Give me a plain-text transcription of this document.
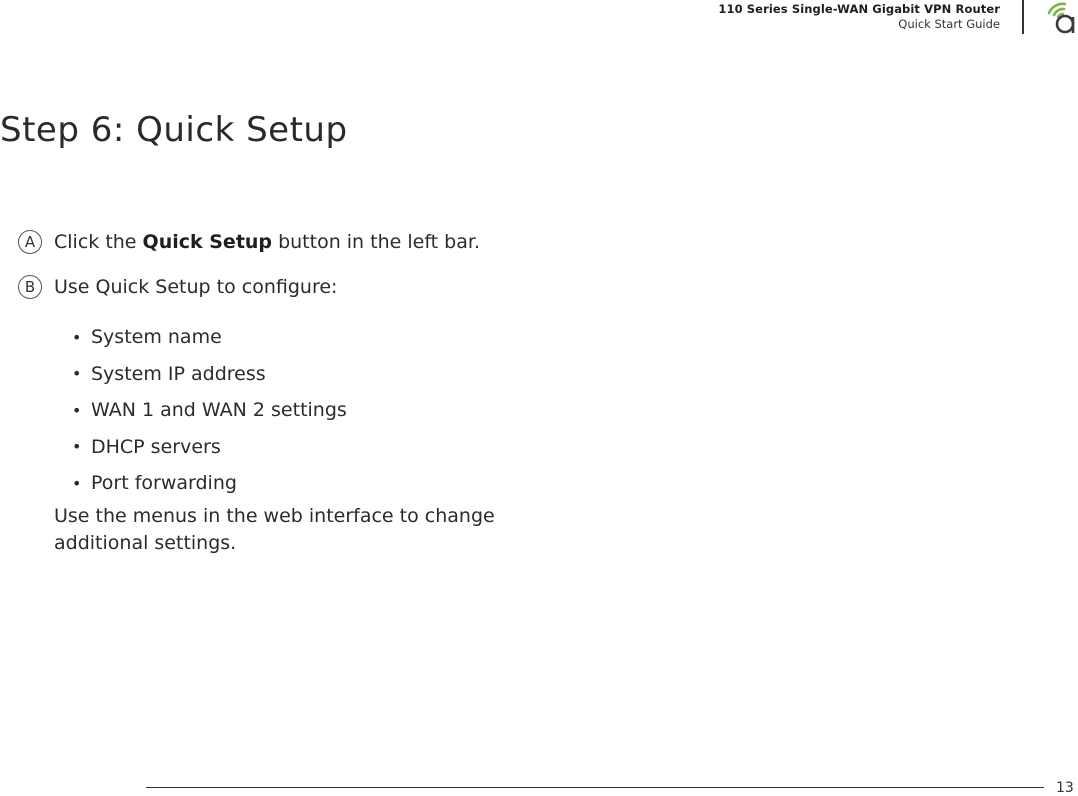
110 Series Single-WAN Gigabit VPN Router
Quick Start Guide
Step 6: Quick Setup
A Click the Quick Setup button in the left bar.
B Use Quick Setup to configure:
• System name
• System IP address
• WAN 1 and WAN 2 settings
• DHCP servers
• Port forwarding
Use the menus in the web interface to change additional settings.
13
